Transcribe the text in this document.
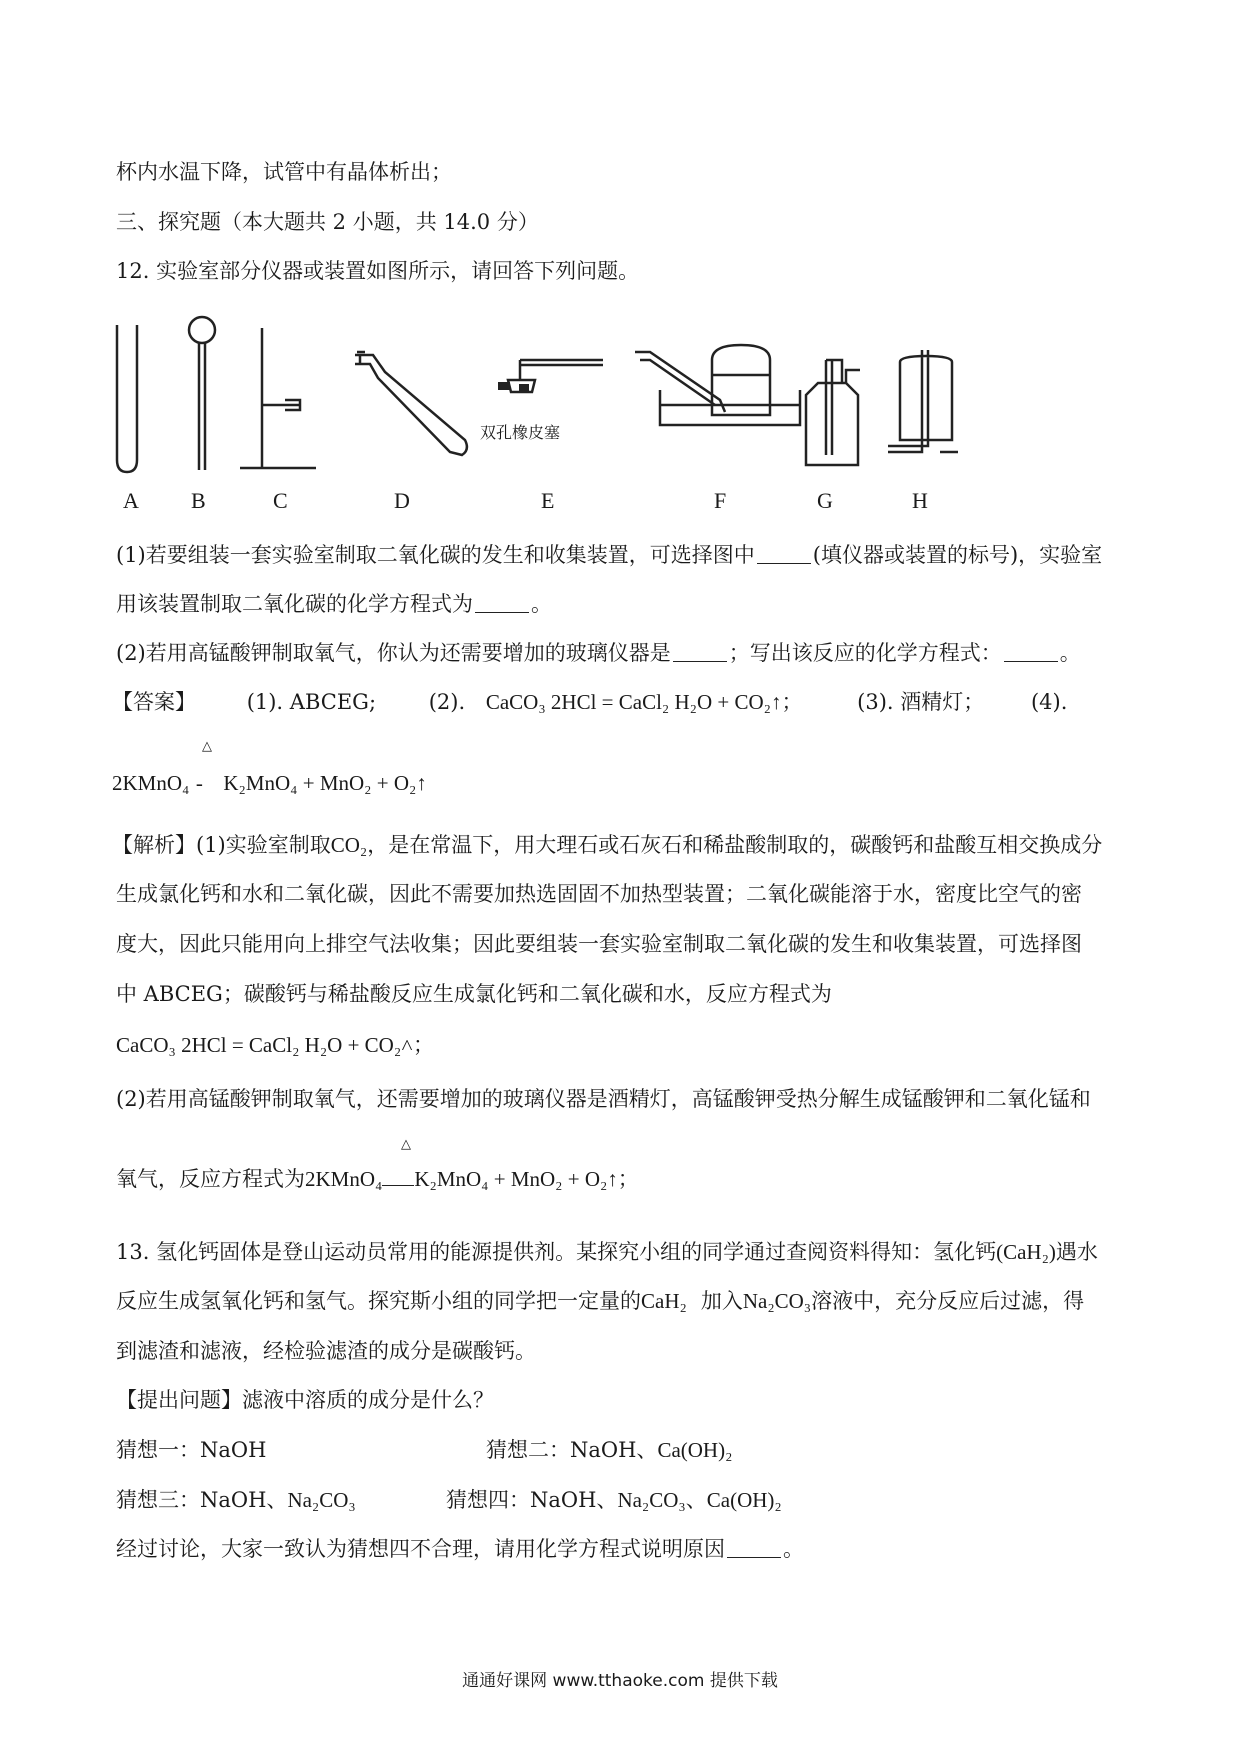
杯内水温下降，试管中有晶体析出；
三、探究题（本大题共 2 小题，共 14.0 分）
12. 实验室部分仪器或装置如图所示，请回答下列问题。
双孔橡皮塞
A B	C	D	E	F	G	H
(1)若要组装一套实验室制取二氧化碳的发生和收集装置，可选择图中	(填仪器或装置的标号)，实验室
用该装置制取二氧化碳的化学方程式为	。
(2)若用高锰酸钾制取氧气，你认为还需要增加的玻璃仪器是	；写出该反应的化学方程式：	。
【答案】 (1). ABCEG;	(2). CaCO₃ 2HCl = CaCl₂ H₂O + CO₂↑；	(3). 酒精灯； (4).
△
2KMnO₄ - K₂MnO₄ + MnO₂ + O₂↑
【解析】(1)实验室制取CO₂，是在常温下，用大理石或石灰石和稀盐酸制取的，碳酸钙和盐酸互相交换成分
生成氯化钙和水和二氧化碳，因此不需要加热选固固不加热型装置；二氧化碳能溶于水，密度比空气的密
度大，因此只能用向上排空气法收集；因此要组装一套实验室制取二氧化碳的发生和收集装置，可选择图
中 ABCEG；碳酸钙与稀盐酸反应生成氯化钙和二氧化碳和水，反应方程式为
CaCO₃ 2HCl = CaCl₂ H₂O + CO₂˄；
(2)若用高锰酸钾制取氧气，还需要增加的玻璃仪器是酒精灯，高锰酸钾受热分解生成锰酸钾和二氧化锰和
△
氧气，反应方程式为2KMnO₄ K₂MnO₄ + MnO₂ + O₂↑；
13. 氢化钙固体是登山运动员常用的能源提供剂。某探究小组的同学通过查阅资料得知：氢化钙(CaH₂)遇水
反应生成氢氧化钙和氢气。探究斯小组的同学把一定量的CaH₂ 加入Na₂CO₃溶液中，充分反应后过滤，得
到滤渣和滤液，经检验滤渣的成分是碳酸钙。
【提出问题】滤液中溶质的成分是什么？
猜想一：NaOH	猜想二：NaOH、Ca(OH)₂
猜想三：NaOH、Na₂CO₃	猜想四：NaOH、Na₂CO₃、Ca(OH)₂
经过讨论，大家一致认为猜想四不合理，请用化学方程式说明原因	。
通通好课网 www.tthaoke.com 提供下载
